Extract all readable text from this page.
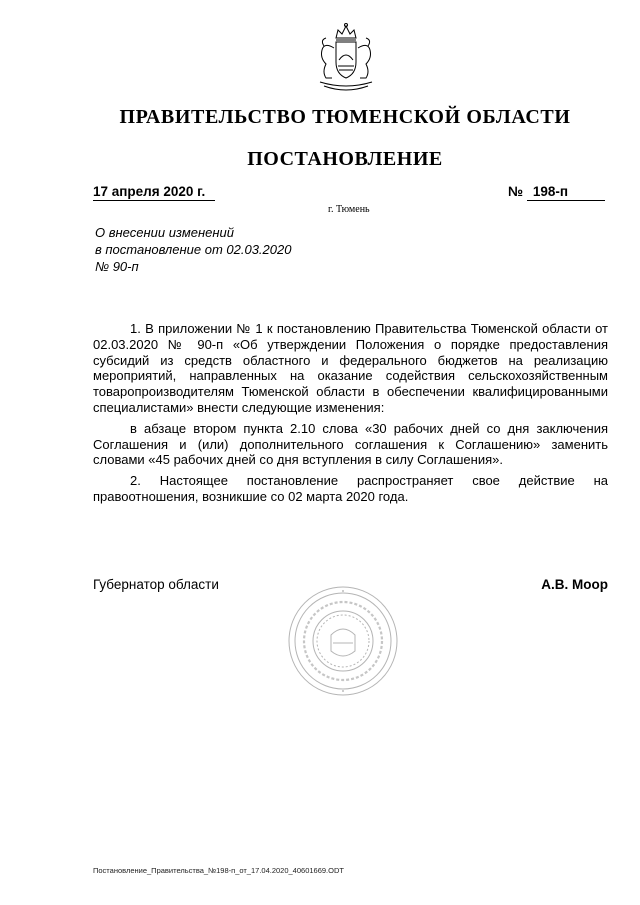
ПРАВИТЕЛЬСТВО ТЮМЕНСКОЙ ОБЛАСТИ
ПОСТАНОВЛЕНИЕ
17 апреля 2020 г.	№ 198-п
г. Тюмень
О внесении изменений
в постановление от 02.03.2020
№ 90-п

1. В приложении № 1 к постановлению Правительства Тюменской области от 02.03.2020 № 90-п «Об утверждении Положения о порядке предоставления субсидий из средств областного и федерального бюджетов на реализацию мероприятий, направленных на оказание содействия сельскохозяйственным товаропроизводителям Тюменской области в обеспечении квалифицированными специалистами» внести следующие изменения:

в абзаце втором пункта 2.10 слова «30 рабочих дней со дня заключения Соглашения и (или) дополнительного соглашения к Соглашению» заменить словами «45 рабочих дней со дня вступления в силу Соглашения».

2. Настоящее постановление распространяет свое действие на правоотношения, возникшие со 02 марта 2020 года.

Губернатор области	А.В. Моор
Постановление_Правительства_№198-п_от_17.04.2020_40601669.ODT
